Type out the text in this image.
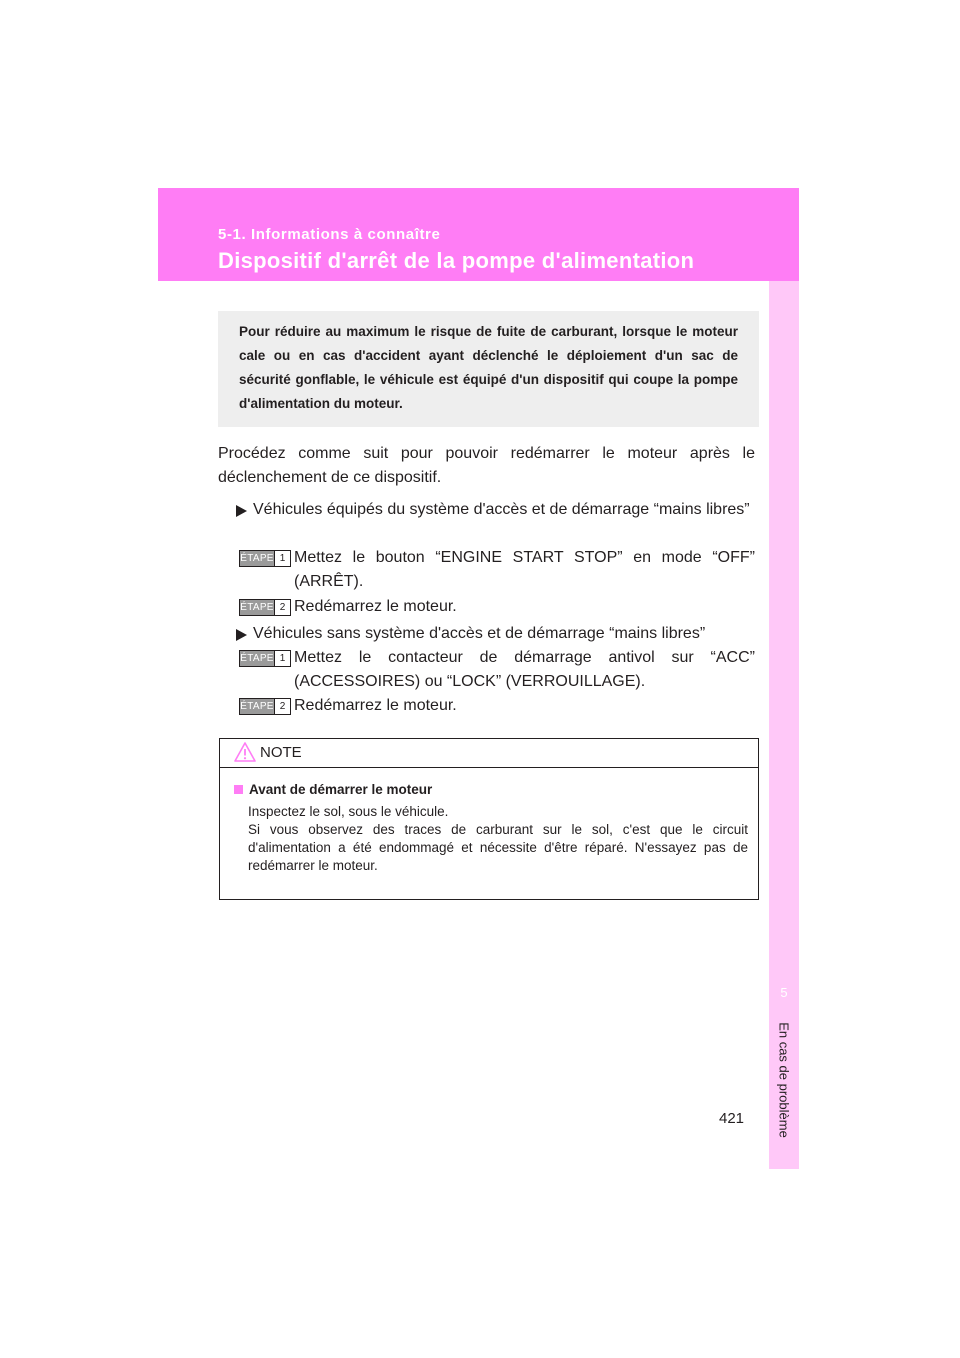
5-1. Informations à connaître
Dispositif d'arrêt de la pompe d'alimentation
5
En cas de problème

Pour réduire au maximum le risque de fuite de carburant, lorsque le moteur cale ou en cas d'accident ayant déclenché le déploiement d'un sac de sécurité gonflable, le véhicule est équipé d'un dispositif qui coupe la pompe d'alimentation du moteur.

Procédez comme suit pour pouvoir redémarrer le moteur après le déclenchement de ce dispositif.

Véhicules équipés du système d'accès et de démarrage “mains libres”

ÉTAPE 1 Mettez le bouton “ENGINE START STOP” en mode “OFF” (ARRÊT).

ÉTAPE 2 Redémarrez le moteur.

Véhicules sans système d'accès et de démarrage “mains libres”

ÉTAPE 1 Mettez le contacteur de démarrage antivol sur “ACC” (ACCESSOIRES) ou “LOCK” (VERROUILLAGE).

ÉTAPE 2 Redémarrez le moteur.

NOTE

Avant de démarrer le moteur

Inspectez le sol, sous le véhicule.
Si vous observez des traces de carburant sur le sol, c'est que le circuit d'alimentation a été endommagé et nécessite d'être réparé. N'essayez pas de redémarrer le moteur.

421
